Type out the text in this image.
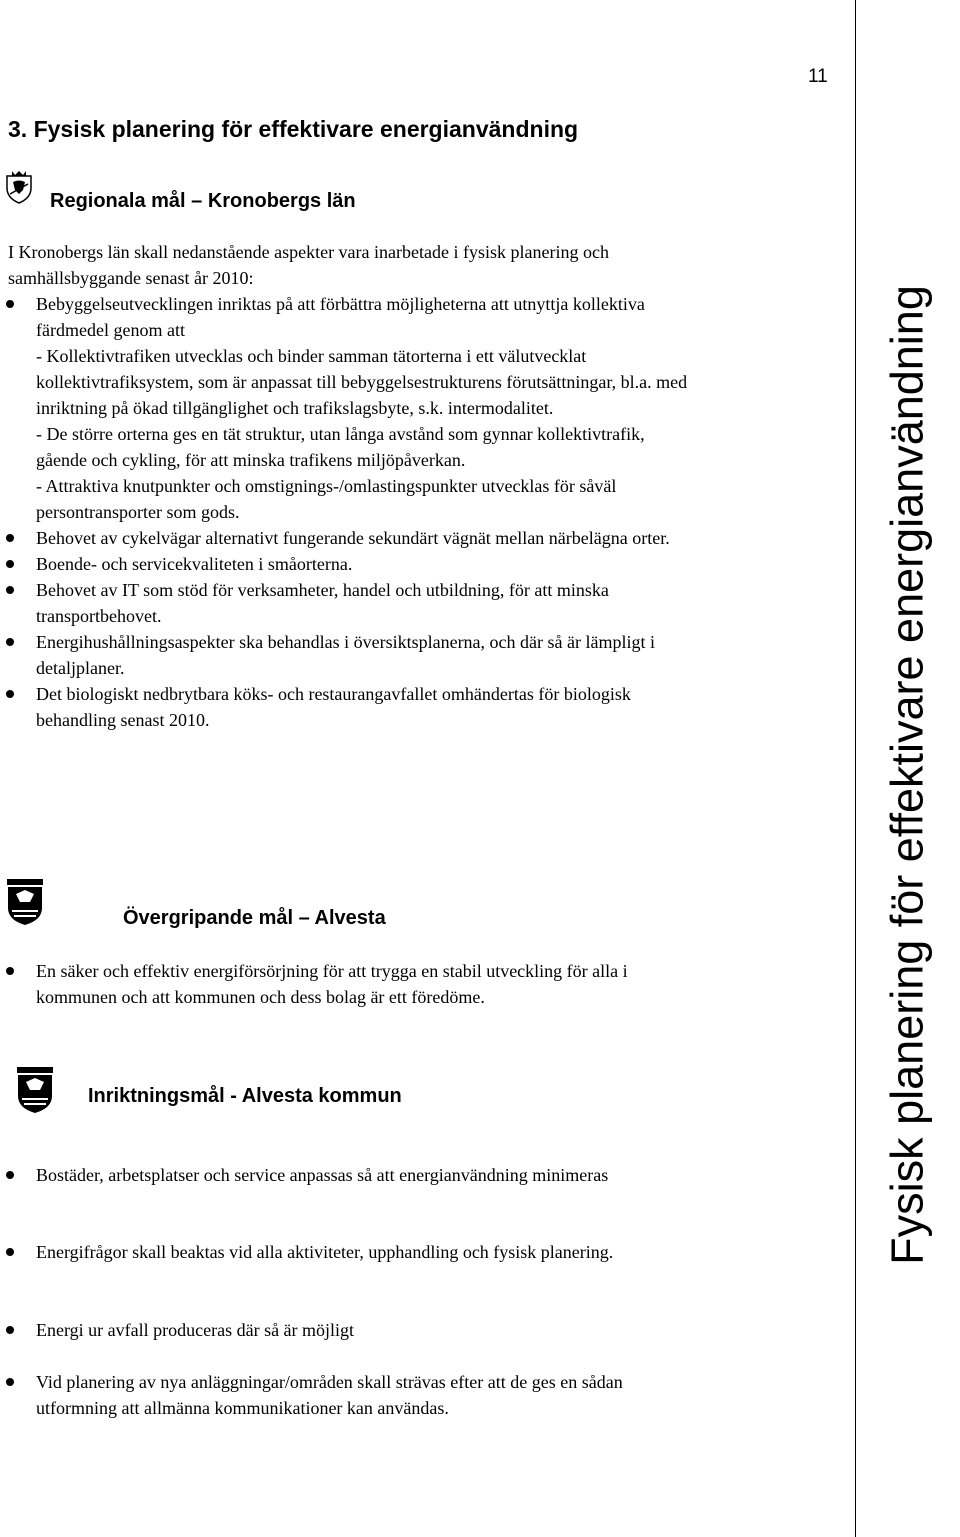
11
3. Fysisk planering för effektivare energianvändning
Fysisk planering för effektivare energianvändning
Regionala mål – Kronobergs län

I Kronobergs län skall nedanstående aspekter vara inarbetade i fysisk planering och samhällsbyggande senast år 2010:

Bebyggelseutvecklingen inriktas på att förbättra möjligheterna att utnyttja kollektiva färdmedel genom att
- Kollektivtrafiken utvecklas och binder samman tätorterna i ett välutvecklat kollektivtrafiksystem, som är anpassat till bebyggelsestrukturens förutsättningar, bl.a. med inriktning på ökad tillgänglighet och trafikslagsbyte, s.k. intermodalitet.
- De större orterna ges en tät struktur, utan långa avstånd som gynnar kollektivtrafik, gående och cykling, för att minska trafikens miljöpåverkan.
- Attraktiva knutpunkter och omstignings-/omlastingspunkter utvecklas för såväl persontransporter som gods.
Behovet av cykelvägar alternativt fungerande sekundärt vägnät mellan närbelägna orter.
Boende- och servicekvaliteten i småorterna.
Behovet av IT som stöd för verksamheter, handel och utbildning, för att minska transportbehovet.
Energihushållningsaspekter ska behandlas i översiktsplanerna, och där så är lämpligt i detaljplaner.
Det biologiskt nedbrytbara köks- och restaurangavfallet omhändertas för biologisk behandling senast 2010.
Övergripande mål – Alvesta
En säker och effektiv energiförsörjning för att trygga en stabil utveckling för alla i kommunen och att kommunen och dess bolag är ett föredöme.
Inriktningsmål - Alvesta kommun
Bostäder, arbetsplatser och service anpassas så att energianvändning minimeras
Energifrågor skall beaktas vid alla aktiviteter, upphandling och fysisk planering.
Energi ur avfall produceras där så är möjligt
Vid planering av nya anläggningar/områden skall strävas efter att de ges en sådan utformning att allmänna kommunikationer kan användas.
